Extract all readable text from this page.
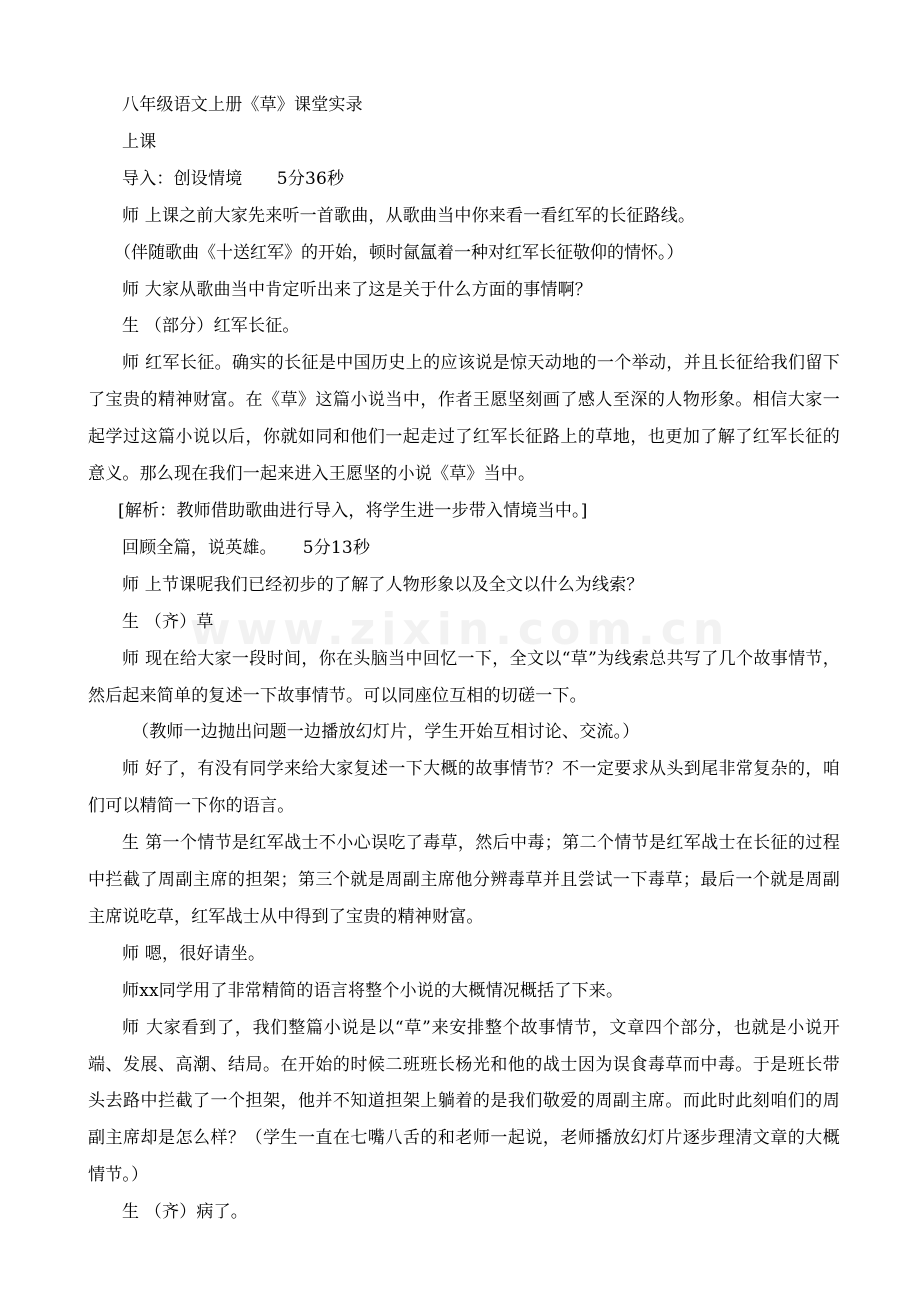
www.zixin.com.cn

八年级语文上册《草》课堂实录

上课

导入：创设情境　　5分36秒

师 上课之前大家先来听一首歌曲，从歌曲当中你来看一看红军的长征路线。

（伴随歌曲《十送红军》的开始，顿时氤氲着一种对红军长征敬仰的情怀。）

师 大家从歌曲当中肯定听出来了这是关于什么方面的事情啊？

生 （部分）红军长征。

师 红军长征。确实的长征是中国历史上的应该说是惊天动地的一个举动，并且长征给我们留下了宝贵的精神财富。在《草》这篇小说当中，作者王愿坚刻画了感人至深的人物形象。相信大家一起学过这篇小说以后，你就如同和他们一起走过了红军长征路上的草地，也更加了解了红军长征的意义。那么现在我们一起来进入王愿坚的小说《草》当中。

[解析：教师借助歌曲进行导入，将学生进一步带入情境当中。]

回顾全篇，说英雄。　　5分13秒

师 上节课呢我们已经初步的了解了人物形象以及全文以什么为线索？

生 （齐）草

师 现在给大家一段时间，你在头脑当中回忆一下，全文以“草”为线索总共写了几个故事情节，然后起来简单的复述一下故事情节。可以同座位互相的切磋一下。

（教师一边抛出问题一边播放幻灯片，学生开始互相讨论、交流。）

师 好了，有没有同学来给大家复述一下大概的故事情节？不一定要求从头到尾非常复杂的，咱们可以精简一下你的语言。

生 第一个情节是红军战士不小心误吃了毒草，然后中毒；第二个情节是红军战士在长征的过程中拦截了周副主席的担架；第三个就是周副主席他分辨毒草并且尝试一下毒草；最后一个就是周副主席说吃草，红军战士从中得到了宝贵的精神财富。

师 嗯，很好请坐。

师xx同学用了非常精简的语言将整个小说的大概情况概括了下来。

师 大家看到了，我们整篇小说是以“草”来安排整个故事情节，文章四个部分，也就是小说开端、发展、高潮、结局。在开始的时候二班班长杨光和他的战士因为误食毒草而中毒。于是班长带头去路中拦截了一个担架，他并不知道担架上躺着的是我们敬爱的周副主席。而此时此刻咱们的周副主席却是怎么样？（学生一直在七嘴八舌的和老师一起说，老师播放幻灯片逐步理清文章的大概情节。）

生 （齐）病了。
